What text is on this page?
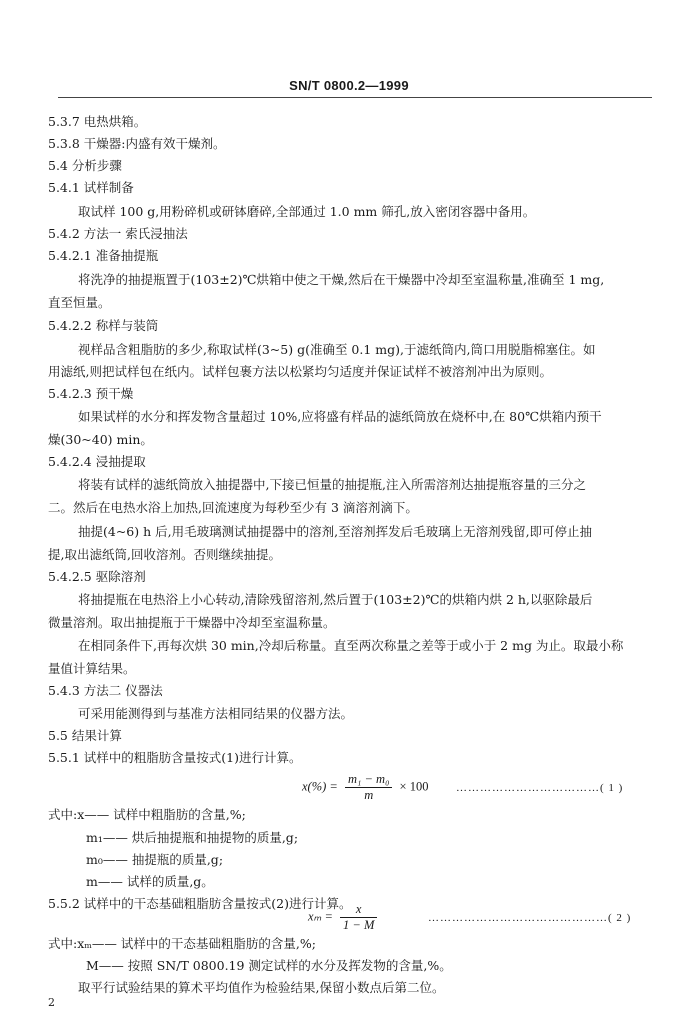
SN/T 0800.2—1999
5.3.7 电热烘箱。
5.3.8 干燥器:内盛有效干燥剂。
5.4 分析步骤
5.4.1 试样制备
取试样 100 g,用粉碎机或研钵磨碎,全部通过 1.0 mm 筛孔,放入密闭容器中备用。
5.4.2 方法一 索氏浸抽法
5.4.2.1 准备抽提瓶
将洗净的抽提瓶置于(103±2)℃烘箱中使之干燥,然后在干燥器中冷却至室温称量,准确至 1 mg,
直至恒量。
5.4.2.2 称样与装筒
视样品含粗脂肪的多少,称取试样(3~5) g(准确至 0.1 mg),于滤纸筒内,筒口用脱脂棉塞住。如
用滤纸,则把试样包在纸内。试样包裹方法以松紧均匀适度并保证试样不被溶剂冲出为原则。
5.4.2.3 预干燥
如果试样的水分和挥发物含量超过 10%,应将盛有样品的滤纸筒放在烧杯中,在 80℃烘箱内预干
燥(30~40) min。
5.4.2.4 浸抽提取
将装有试样的滤纸筒放入抽提器中,下接已恒量的抽提瓶,注入所需溶剂达抽提瓶容量的三分之
二。然后在电热水浴上加热,回流速度为每秒至少有 3 滴溶剂滴下。
抽提(4~6) h 后,用毛玻璃测试抽提器中的溶剂,至溶剂挥发后毛玻璃上无溶剂残留,即可停止抽
提,取出滤纸筒,回收溶剂。否则继续抽提。
5.4.2.5 驱除溶剂
将抽提瓶在电热浴上小心转动,清除残留溶剂,然后置于(103±2)℃的烘箱内烘 2 h,以驱除最后
微量溶剂。取出抽提瓶于干燥器中冷却至室温称量。
在相同条件下,再每次烘 30 min,冷却后称量。直至两次称量之差等于或小于 2 mg 为止。取最小称
量值计算结果。
5.4.3 方法二 仪器法
可采用能测得到与基准方法相同结果的仪器方法。
5.5 结果计算
5.5.1 试样中的粗脂肪含量按式(1)进行计算。
$x(\%) = \frac{\text{m₁ − m₀}}{m} \times 100$	………………………………( 1 )
式中:x—— 试样中粗脂肪的含量,%;
m₁—— 烘后抽提瓶和抽提物的质量,g;
m₀—— 抽提瓶的质量,g;
m—— 试样的质量,g。
5.5.2 试样中的干态基础粗脂肪含量按式(2)进行计算。
$x_m = \frac{x}{1 - M}$	………………………………………( 2 )
式中:xₘ—— 试样中的干态基础粗脂肪的含量,%;
M—— 按照 SN/T 0800.19 测定试样的水分及挥发物的含量,%。
取平行试验结果的算术平均值作为检验结果,保留小数点后第二位。
2
